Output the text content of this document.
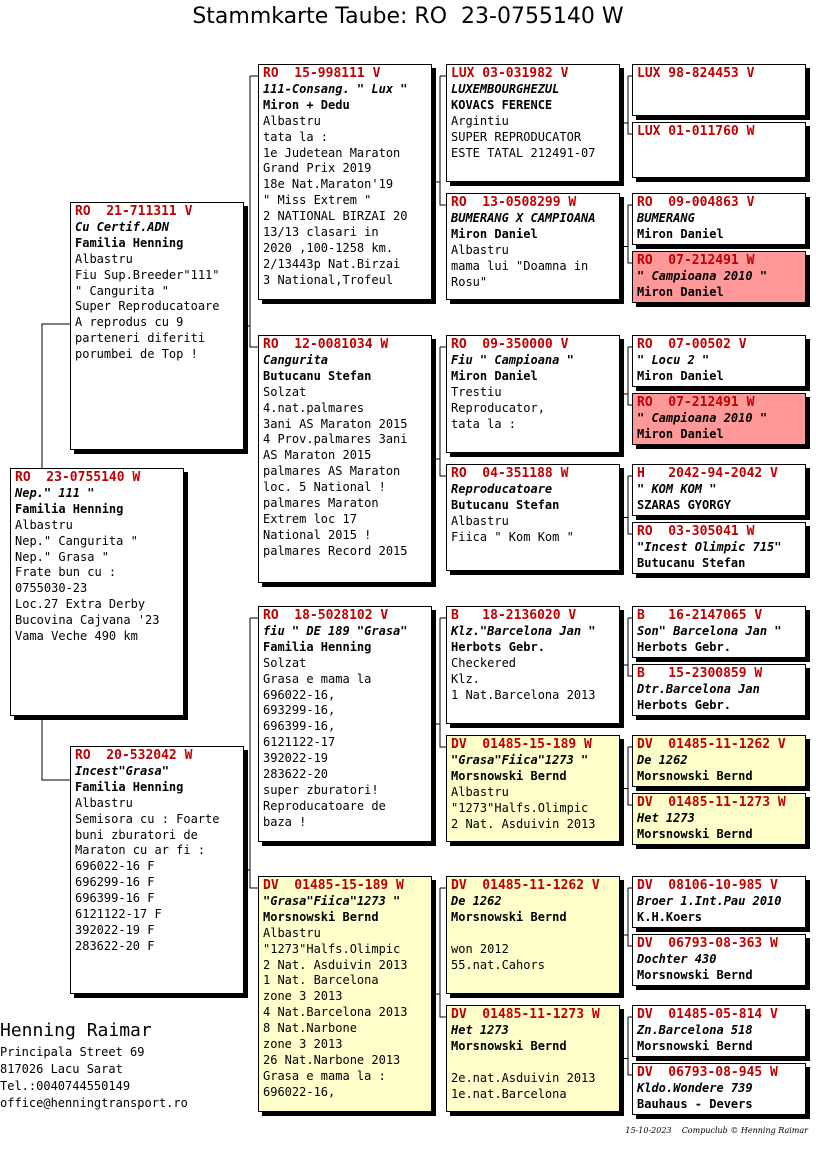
Stammkarte Taube: RO  23-0755140 W
RO  23-0755140 W
Nep." 111 "
Familia Henning
Albastru
Nep." Cangurita "
Nep." Grasa "
Frate bun cu :
0755030-23
Loc.27 Extra Derby
Bucovina Cajvana '23
Vama Veche 490 km
RO  21-711311 V
Cu Certif.ADN
Familia Henning
Albastru
Fiu Sup.Breeder"111"
" Cangurita "
Super Reproducatoare
A reprodus cu 9
parteneri diferiti
porumbei de Top !
RO  20-532042 W
Incest"Grasa"
Familia Henning
Albastru
Semisora cu : Foarte
buni zburatori de
Maraton cu ar fi :
696022-16 F
696299-16 F
696399-16 F
6121122-17 F
392022-19 F
283622-20 F
RO  15-998111 V
111-Consang. " Lux "
Miron + Dedu
Albastru
tata la :
1e Judetean Maraton
Grand Prix 2019
18e Nat.Maraton'19
" Miss Extrem "
2 NATIONAL BIRZAI 20
13/13 clasari in
2020 ,100-1258 km.
2/13443p Nat.Birzai
3 National,Trofeul
RO  12-0081034 W
Cangurita
Butucanu Stefan
Solzat
4.nat.palmares
3ani AS Maraton 2015
4 Prov.palmares 3ani
AS Maraton 2015
palmares AS Maraton
loc. 5 National !
palmares Maraton
Extrem loc 17
National 2015 !
palmares Record 2015
RO  18-5028102 V
fiu " DE 189 "Grasa"
Familia Henning
Solzat
Grasa e mama la
696022-16,
693299-16,
696399-16,
6121122-17
392022-19
283622-20
super zburatori!
Reproducatoare de
baza !
DV  01485-15-189 W
"Grasa"Fiica"1273 "
Morsnowski Bernd
Albastru
"1273"Halfs.Olimpic
2 Nat. Asduivin 2013
1 Nat. Barcelona
zone 3 2013
4 Nat.Barcelona 2013
8 Nat.Narbone
zone 3 2013
26 Nat.Narbone 2013
Grasa e mama la :
696022-16,
LUX 03-031982 V
LUXEMBOURGHEZUL
KOVACS FERENCE
Argintiu
SUPER REPRODUCATOR
ESTE TATAL 212491-07
RO  13-0508299 W
BUMERANG X CAMPIOANA
Miron Daniel
Albastru
mama lui "Doamna in
Rosu"
RO  09-350000 V
Fiu " Campioana "
Miron Daniel
Trestiu
Reproducator,
tata la :
RO  04-351188 W
Reproducatoare
Butucanu Stefan
Albastru
Fiica " Kom Kom "
B   18-2136020 V
Klz."Barcelona Jan "
Herbots Gebr.
Checkered
Klz.
1 Nat.Barcelona 2013
DV  01485-15-189 W
"Grasa"Fiica"1273 "
Morsnowski Bernd
Albastru
"1273"Halfs.Olimpic
2 Nat. Asduivin 2013
DV  01485-11-1262 V
De 1262
Morsnowski Bernd

won 2012
55.nat.Cahors
DV  01485-11-1273 W
Het 1273
Morsnowski Bernd

2e.nat.Asduivin 2013
1e.nat.Barcelona
LUX 98-824453 V
LUX 01-011760 W
RO  09-004863 V
BUMERANG
Miron Daniel
RO  07-212491 W
" Campioana 2010 "
Miron Daniel
RO  07-00502 V
" Locu 2 "
Miron Daniel
RO  07-212491 W
" Campioana 2010 "
Miron Daniel
H   2042-94-2042 V
" KOM KOM "
SZARAS GYORGY
RO  03-305041 W
"Incest Olimpic 715"
Butucanu Stefan
B   16-2147065 V
Son" Barcelona Jan "
Herbots Gebr.
B   15-2300859 W
Dtr.Barcelona Jan
Herbots Gebr.
DV  01485-11-1262 V
De 1262
Morsnowski Bernd
DV  01485-11-1273 W
Het 1273
Morsnowski Bernd
DV  08106-10-985 V
Broer 1.Int.Pau 2010
K.H.Koers
DV  06793-08-363 W
Dochter 430
Morsnowski Bernd
DV  01485-05-814 V
Zn.Barcelona 518
Morsnowski Bernd
DV  06793-08-945 W
Kldo.Wondere 739
Bauhaus - Devers
Henning Raimar
Principala Street 69
817026 Lacu Sarat
Tel.:0040744550149
office@henningtransport.ro
15-10-2023 Compuclub © Henning Raimar
